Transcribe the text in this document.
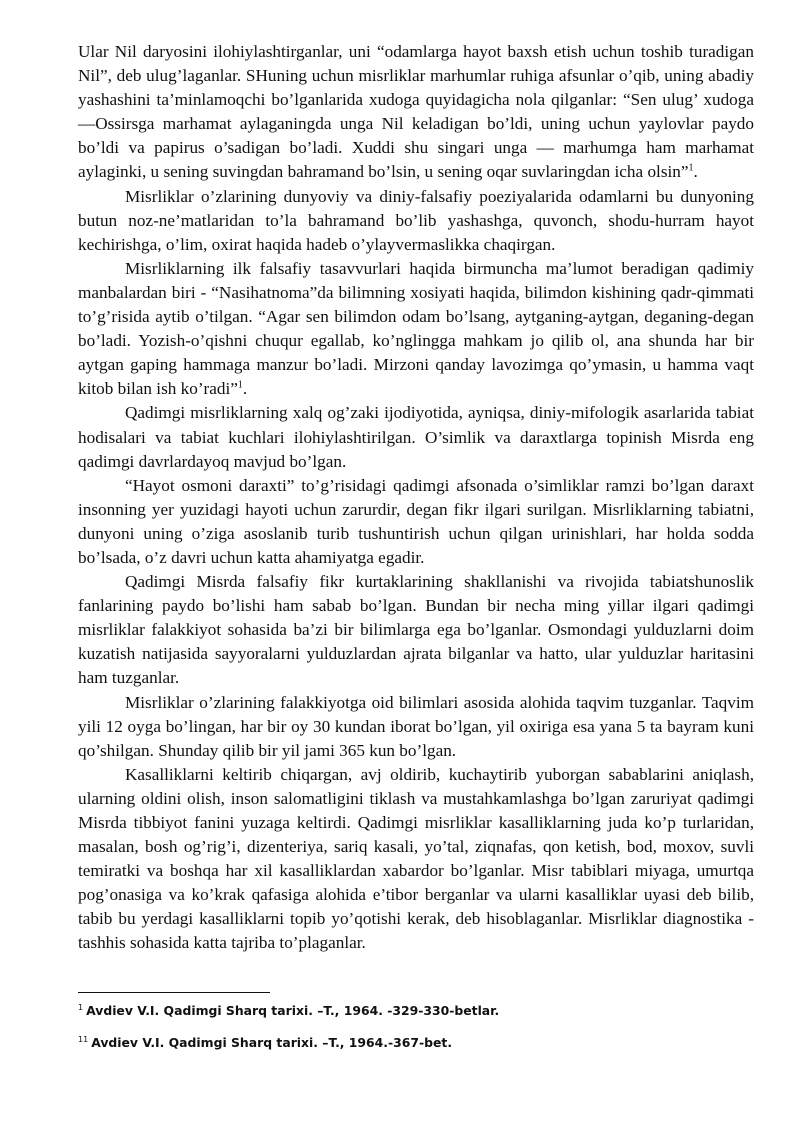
Ular Nil daryosini ilohiylashtirganlar, uni “odamlarga hayot baxsh etish uchun toshib turadigan Nil”, deb ulug’laganlar. SHuning uchun misrliklar marhumlar ruhiga afsunlar o’qib, uning abadiy yashashini ta’minlamoqchi bo’lganlarida xudoga quyidagicha nola qilganlar: “Sen ulug’ xudoga—Ossirsga marhamat aylaganingda unga Nil keladigan bo’ldi, uning uchun yaylovlar paydo bo’ldi va papirus o’sadigan bo’ladi. Xuddi shu singari unga — marhumga ham marhamat aylaginki, u sening suvingdan bahramand bo’lsin, u sening oqar suvlaringdan icha olsin”$^1$.

Misrliklar o’zlarining dunyoviy va diniy-falsafiy poeziyalarida odamlarni bu dunyoning butun noz-ne’matlaridan to’la bahramand bo’lib yashashga, quvonch, shodu-hurram hayot kechirishga, o’lim, oxirat haqida hadeb o’ylayvermaslikka chaqirgan.

Misrliklarning ilk falsafiy tasavvurlari haqida birmuncha ma’lumot beradigan qadimiy manbalardan biri - “Nasihatnoma”da bilimning xosiyati haqida, bilimdon kishining qadr-qimmati to’g’risida aytib o’tilgan. “Agar sen bilimdon odam bo’lsang, aytganing-aytgan, deganing-degan bo’ladi. Yozish-o’qishni chuqur egallab, ko’nglingga mahkam jo qilib ol, ana shunda har bir aytgan gaping hammaga manzur bo’ladi. Mirzoni qanday lavozimga qo’ymasin, u hamma vaqt kitob bilan ish ko’radi”$^1$.

Qadimgi misrliklarning xalq og’zaki ijodiyotida, ayniqsa, diniy-mifologik asarlarida tabiat hodisalari va tabiat kuchlari ilohiylashtirilgan. O’simlik va daraxtlarga topinish Misrda eng qadimgi davrlardayoq mavjud bo’lgan.

“Hayot osmoni daraxti” to’g’risidagi qadimgi afsonada o’simliklar ramzi bo’lgan daraxt insonning yer yuzidagi hayoti uchun zarurdir, degan fikr ilgari surilgan. Misrliklarning tabiatni, dunyoni uning o’ziga asoslanib turib tushuntirish uchun qilgan urinishlari, har holda sodda bo’lsada, o’z davri uchun katta ahamiyatga egadir.

Qadimgi Misrda falsafiy fikr kurtaklarining shakllanishi va rivojida tabiatshunoslik fanlarining paydo bo’lishi ham sabab bo’lgan. Bundan bir necha ming yillar ilgari qadimgi misrliklar falakkiyot sohasida ba’zi bir bilimlarga ega bo’lganlar. Osmondagi yulduzlarni doim kuzatish natijasida sayyoralarni yulduzlardan ajrata bilganlar va hatto, ular yulduzlar haritasini ham tuzganlar.

Misrliklar o’zlarining falakkiyotga oid bilimlari asosida alohida taqvim tuzganlar. Taqvim yili 12 oyga bo’lingan, har bir oy 30 kundan iborat bo’lgan, yil oxiriga esa yana 5 ta bayram kuni qo’shilgan. Shunday qilib bir yil jami 365 kun bo’lgan.

Kasalliklarni keltirib chiqargan, avj oldirib, kuchaytirib yuborgan sabablarini aniqlash, ularning oldini olish, inson salomatligini tiklash va mustahkamlashga bo’lgan zaruriyat qadimgi Misrda tibbiyot fanini yuzaga keltirdi. Qadimgi misrliklar kasalliklarning juda ko’p turlaridan, masalan, bosh og’rig’i, dizenteriya, sariq kasali, yo’tal, ziqnafas, qon ketish, bod, moxov, suvli temiratki va boshqa har xil kasalliklardan xabardor bo’lganlar. Misr tabiblari miyaga, umurtqa pog’onasiga va ko’krak qafasiga alohida e’tibor berganlar va ularni kasalliklar uyasi deb bilib, tabib bu yerdagi kasalliklarni topib yo’qotishi kerak, deb hisoblaganlar. Misrliklar diagnostika - tashhis sohasida katta tajriba to’plaganlar.

$^1$ Avdiev V.I. Qadimgi Sharq tarixi. –T., 1964. -329-330-betlar.
$^{11}$ Avdiev V.I. Qadimgi Sharq tarixi. –T., 1964.-367-bet.
